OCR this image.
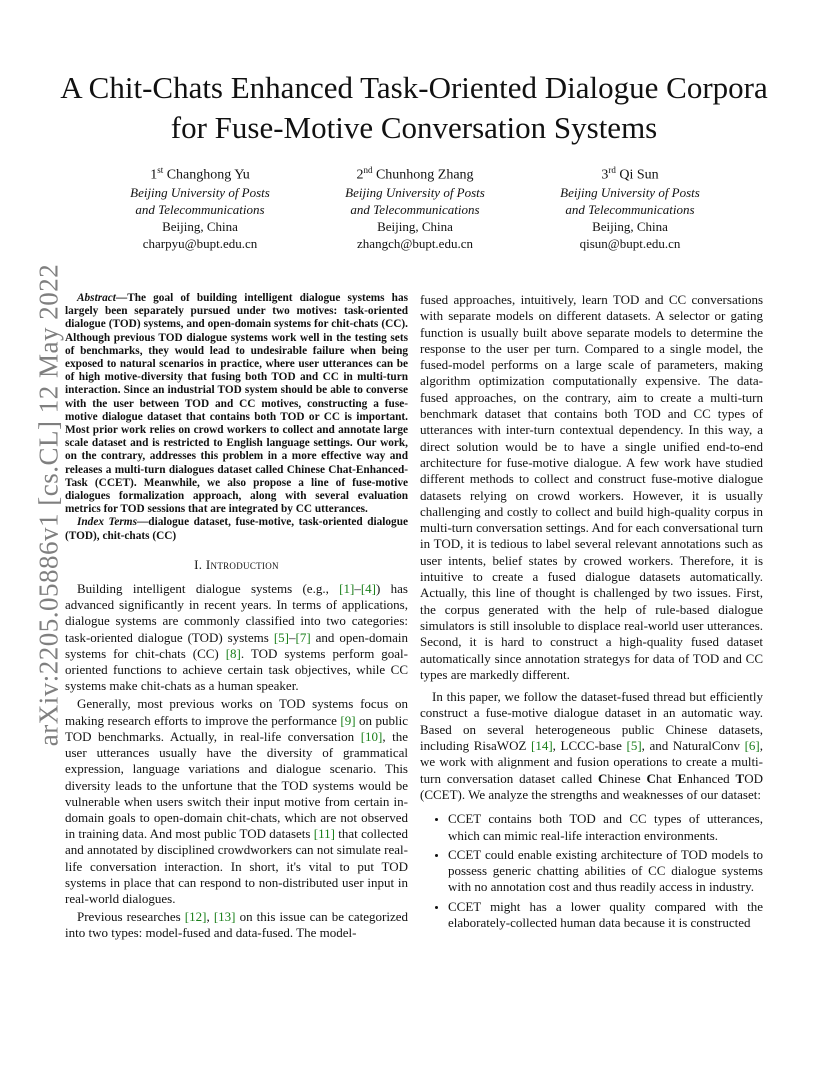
arXiv:2205.05886v1 [cs.CL] 12 May 2022
A Chit-Chats Enhanced Task-Oriented Dialogue Corpora for Fuse-Motive Conversation Systems
1st Changhong Yu
Beijing University of Posts
and Telecommunications
Beijing, China
charpyu@bupt.edu.cn
2nd Chunhong Zhang
Beijing University of Posts
and Telecommunications
Beijing, China
zhangch@bupt.edu.cn
3rd Qi Sun
Beijing University of Posts
and Telecommunications
Beijing, China
qisun@bupt.edu.cn

Abstract—The goal of building intelligent dialogue systems has largely been separately pursued under two motives: task-oriented dialogue (TOD) systems, and open-domain systems for chit-chats (CC). Although previous TOD dialogue systems work well in the testing sets of benchmarks, they would lead to undesirable failure when being exposed to natural scenarios in practice, where user utterances can be of high motive-diversity that fusing both TOD and CC in multi-turn interaction. Since an industrial TOD system should be able to converse with the user between TOD and CC motives, constructing a fuse-motive dialogue dataset that contains both TOD or CC is important. Most prior work relies on crowd workers to collect and annotate large scale dataset and is restricted to English language settings. Our work, on the contrary, addresses this problem in a more effective way and releases a multi-turn dialogues dataset called Chinese Chat-Enhanced-Task (CCET). Meanwhile, we also propose a line of fuse-motive dialogues formalization approach, along with several evaluation metrics for TOD sessions that are integrated by CC utterances.

Index Terms—dialogue dataset, fuse-motive, task-oriented dialogue (TOD), chit-chats (CC)

I. Introduction

Building intelligent dialogue systems (e.g., [1]–[4]) has advanced significantly in recent years. In terms of applications, dialogue systems are commonly classified into two categories: task-oriented dialogue (TOD) systems [5]–[7] and open-domain systems for chit-chats (CC) [8]. TOD systems perform goal-oriented functions to achieve certain task objectives, while CC systems make chit-chats as a human speaker.

Generally, most previous works on TOD systems focus on making research efforts to improve the performance [9] on public TOD benchmarks. Actually, in real-life conversation [10], the user utterances usually have the diversity of grammatical expression, language variations and dialogue scenario. This diversity leads to the unfortune that the TOD systems would be vulnerable when users switch their input motive from certain in-domain goals to open-domain chit-chats, which are not observed in training data. And most public TOD datasets [11] that collected and annotated by disciplined crowdworkers can not simulate real-life conversation interaction. In short, it's vital to put TOD systems in place that can respond to non-distributed user input in real-world dialogues.

Previous researches [12], [13] on this issue can be categorized into two types: model-fused and data-fused. The model-

fused approaches, intuitively, learn TOD and CC conversations with separate models on different datasets. A selector or gating function is usually built above separate models to determine the response to the user per turn. Compared to a single model, the fused-model performs on a large scale of parameters, making algorithm optimization computationally expensive. The data-fused approaches, on the contrary, aim to create a multi-turn benchmark dataset that contains both TOD and CC types of utterances with inter-turn contextual dependency. In this way, a direct solution would be to have a single unified end-to-end architecture for fuse-motive dialogue. A few work have studied different methods to collect and construct fuse-motive dialogue datasets relying on crowd workers. However, it is usually challenging and costly to collect and build high-quality corpus in multi-turn conversation settings. And for each conversational turn in TOD, it is tedious to label several relevant annotations such as user intents, belief states by crowed workers. Therefore, it is intuitive to create a fused dialogue datasets automatically. Actually, this line of thought is challenged by two issues. First, the corpus generated with the help of rule-based dialogue simulators is still insoluble to displace real-world user utterances. Second, it is hard to construct a high-quality fused dataset automatically since annotation strategys for data of TOD and CC types are markedly different.

In this paper, we follow the dataset-fused thread but efficiently construct a fuse-motive dialogue dataset in an automatic way. Based on several heterogeneous public Chinese datasets, including RisaWOZ [14], LCCC-base [5], and NaturalConv [6], we work with alignment and fusion operations to create a multi-turn conversation dataset called Chinese Chat Enhanced TOD (CCET). We analyze the strengths and weaknesses of our dataset:

• CCET contains both TOD and CC types of utterances, which can mimic real-life interaction environments.
• CCET could enable existing architecture of TOD models to possess generic chatting abilities of CC dialogue systems with no annotation cost and thus readily access in industry.
• CCET might has a lower quality compared with the elaborately-collected human data because it is constructed
